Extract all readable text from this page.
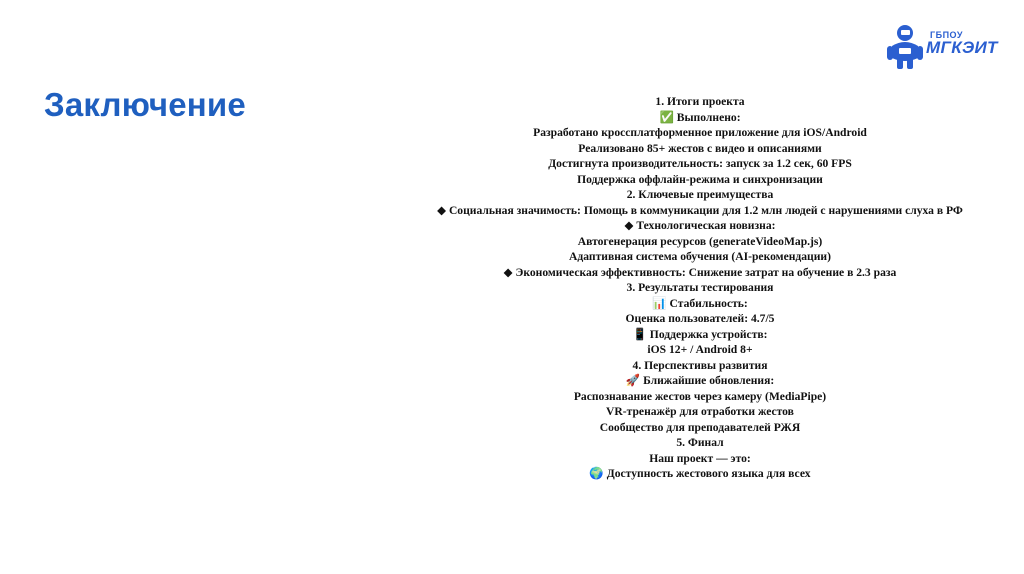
Заключение
ГБПОУ
МГКЭИТ
1. Итоги проекта
✅ Выполнено:
Разработано кроссплатформенное приложение для iOS/Android
Реализовано 85+ жестов с видео и описаниями
Достигнута производительность: запуск за 1.2 сек, 60 FPS
Поддержка оффлайн-режима и синхронизации
2. Ключевые преимущества
◆ Социальная значимость: Помощь в коммуникации для 1.2 млн людей с нарушениями слуха в РФ
◆ Технологическая новизна:
Автогенерация ресурсов (generateVideoMap.js)
Адаптивная система обучения (AI-рекомендации)
◆ Экономическая эффективность: Снижение затрат на обучение в 2.3 раза
3. Результаты тестирования
📊 Стабильность:
Оценка пользователей: 4.7/5
📱 Поддержка устройств:
iOS 12+ / Android 8+
4. Перспективы развития
🚀 Ближайшие обновления:
Распознавание жестов через камеру (MediaPipe)
VR-тренажёр для отработки жестов
Сообщество для преподавателей РЖЯ
5. Финал
Наш проект — это:
🌍 Доступность жестового языка для всех
